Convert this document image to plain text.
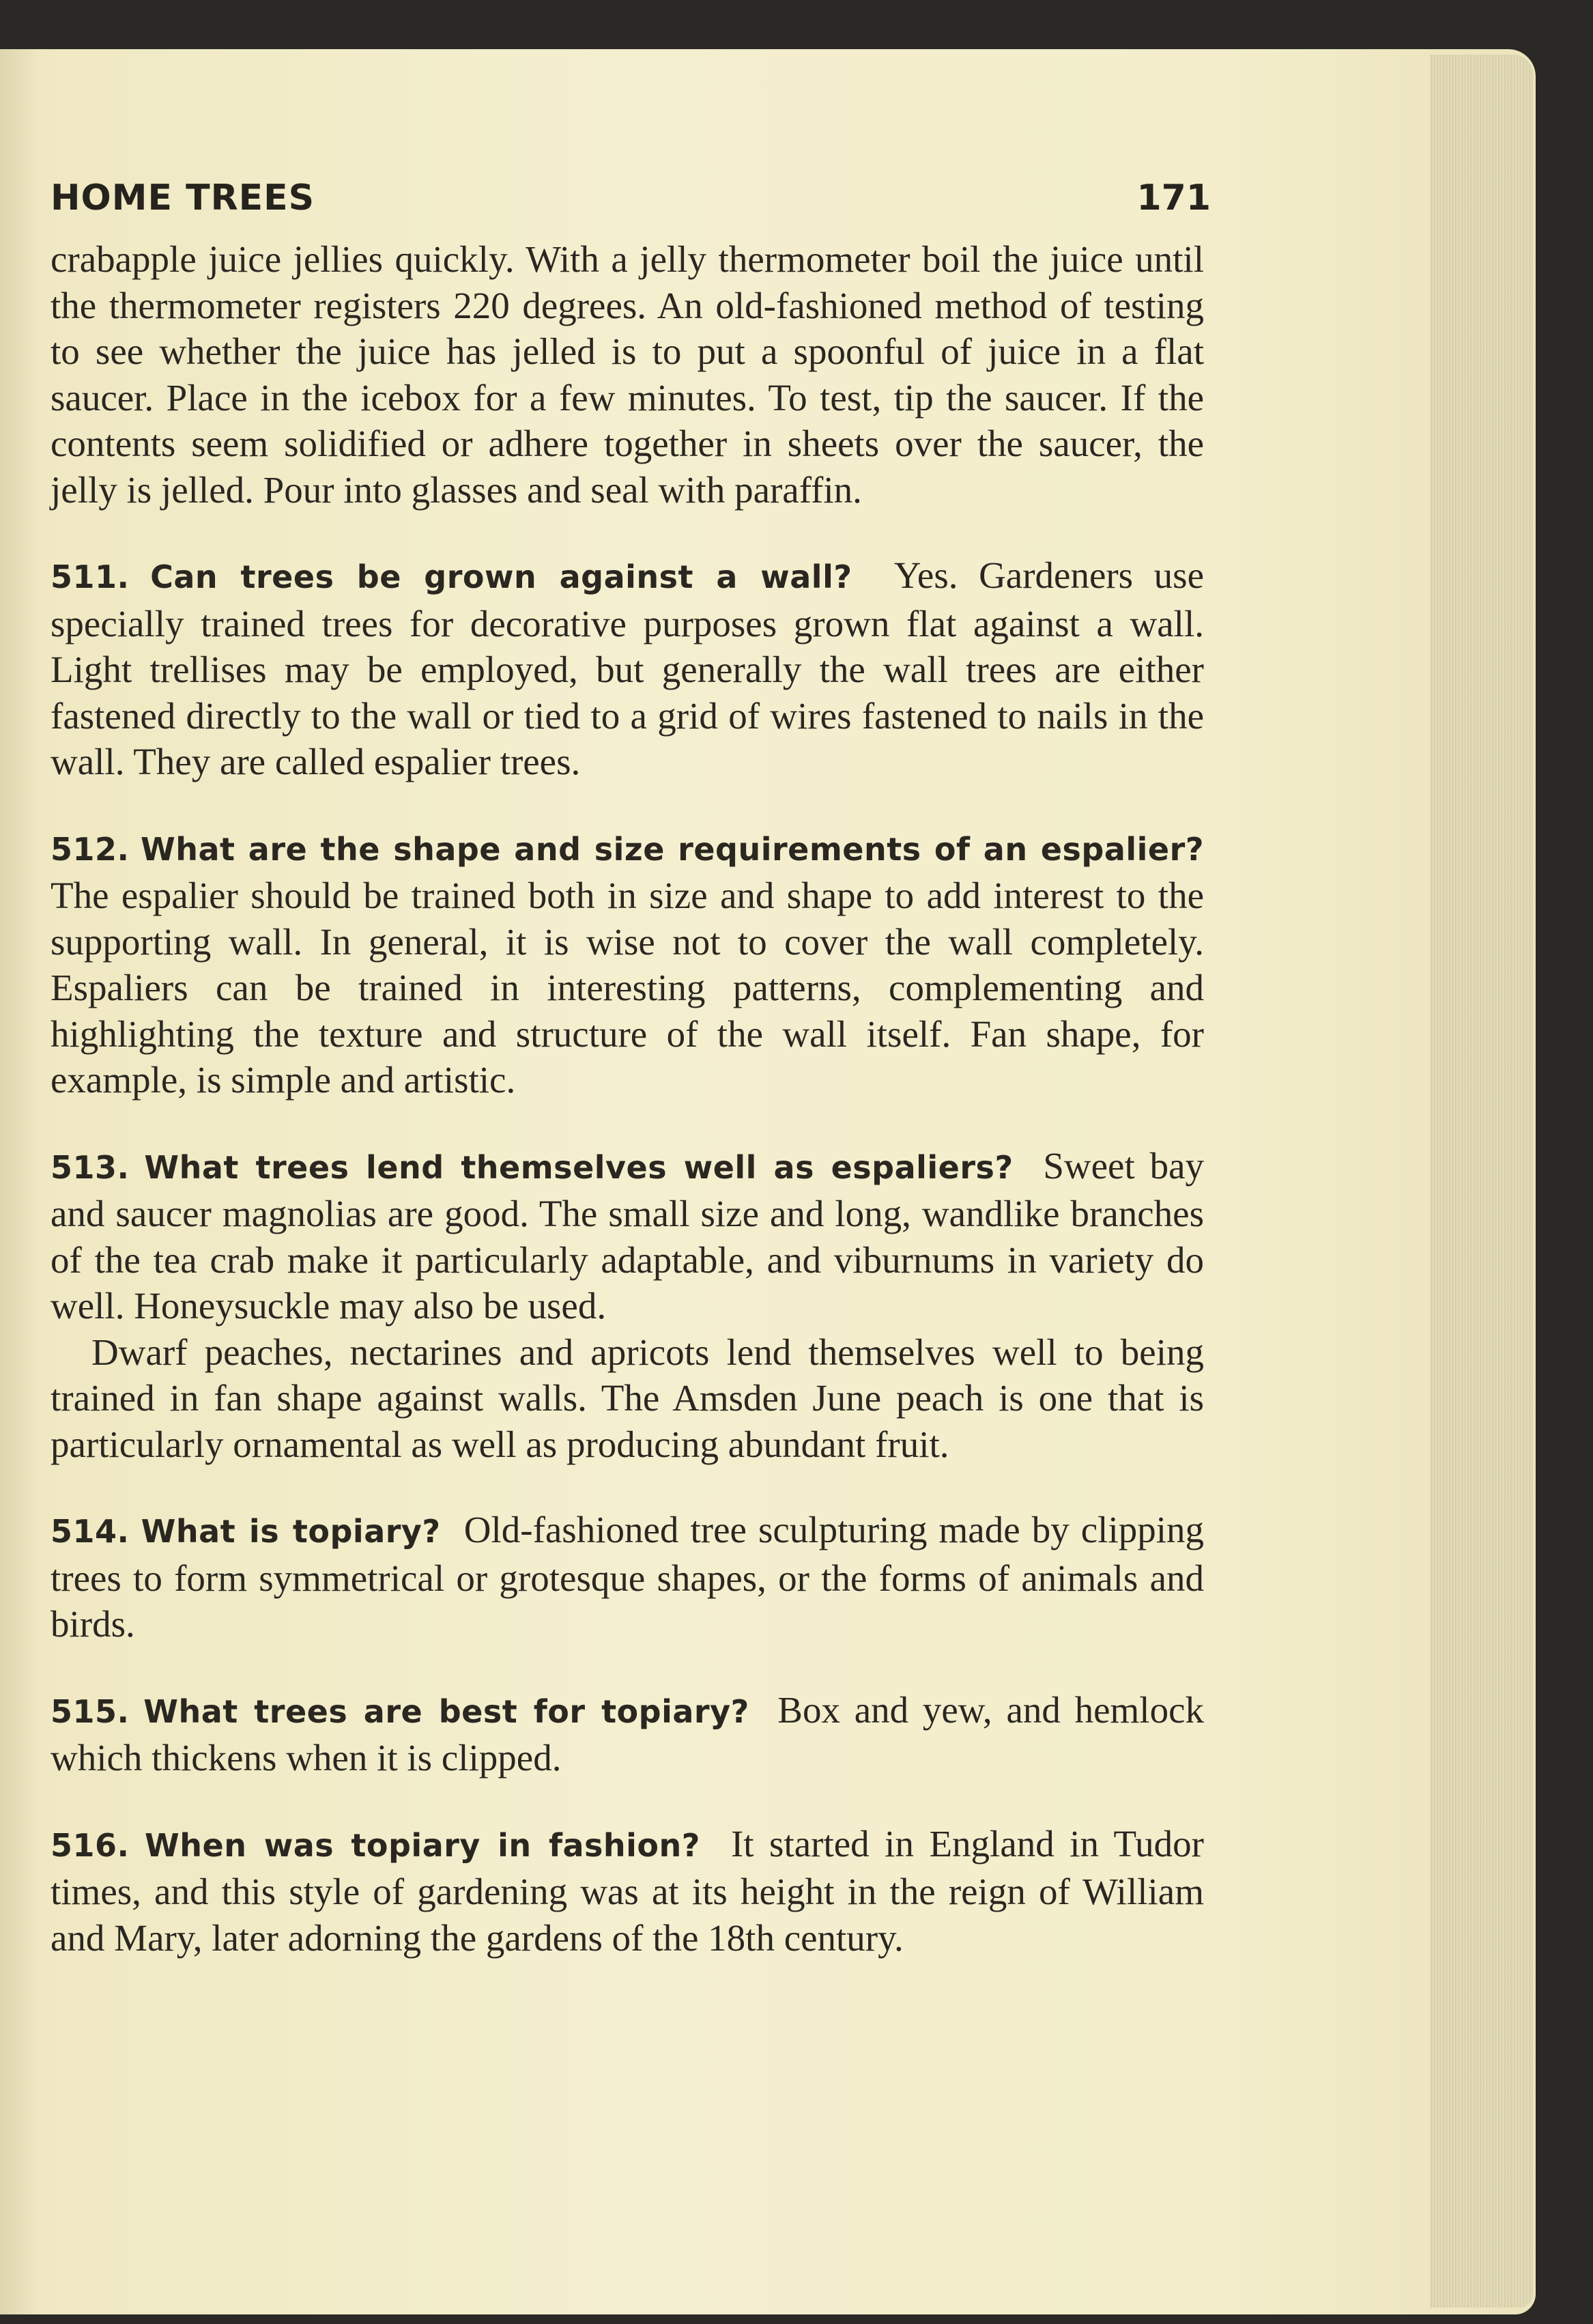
HOME TREES	171

crabapple juice jellies quickly. With a jelly thermometer boil the juice until the thermometer registers 220 degrees. An old-fashioned method of testing to see whether the juice has jelled is to put a spoonful of juice in a flat saucer. Place in the icebox for a few minutes. To test, tip the saucer. If the contents seem solidified or adhere together in sheets over the saucer, the jelly is jelled. Pour into glasses and seal with paraffin.

511. Can trees be grown against a wall? Yes. Gardeners use specially trained trees for decorative purposes grown flat against a wall. Light trellises may be employed, but generally the wall trees are either fastened directly to the wall or tied to a grid of wires fastened to nails in the wall. They are called espalier trees.

512. What are the shape and size requirements of an espalier? The espalier should be trained both in size and shape to add interest to the supporting wall. In general, it is wise not to cover the wall completely. Espaliers can be trained in interesting patterns, complementing and highlighting the texture and structure of the wall itself. Fan shape, for example, is simple and artistic.

513. What trees lend themselves well as espaliers? Sweet bay and saucer magnolias are good. The small size and long, wandlike branches of the tea crab make it particularly adaptable, and viburnums in variety do well. Honeysuckle may also be used.

Dwarf peaches, nectarines and apricots lend themselves well to being trained in fan shape against walls. The Amsden June peach is one that is particularly ornamental as well as producing abundant fruit.

514. What is topiary? Old-fashioned tree sculpturing made by clipping trees to form symmetrical or grotesque shapes, or the forms of animals and birds.

515. What trees are best for topiary? Box and yew, and hemlock which thickens when it is clipped.

516. When was topiary in fashion? It started in England in Tudor times, and this style of gardening was at its height in the reign of William and Mary, later adorning the gardens of the 18th century.
